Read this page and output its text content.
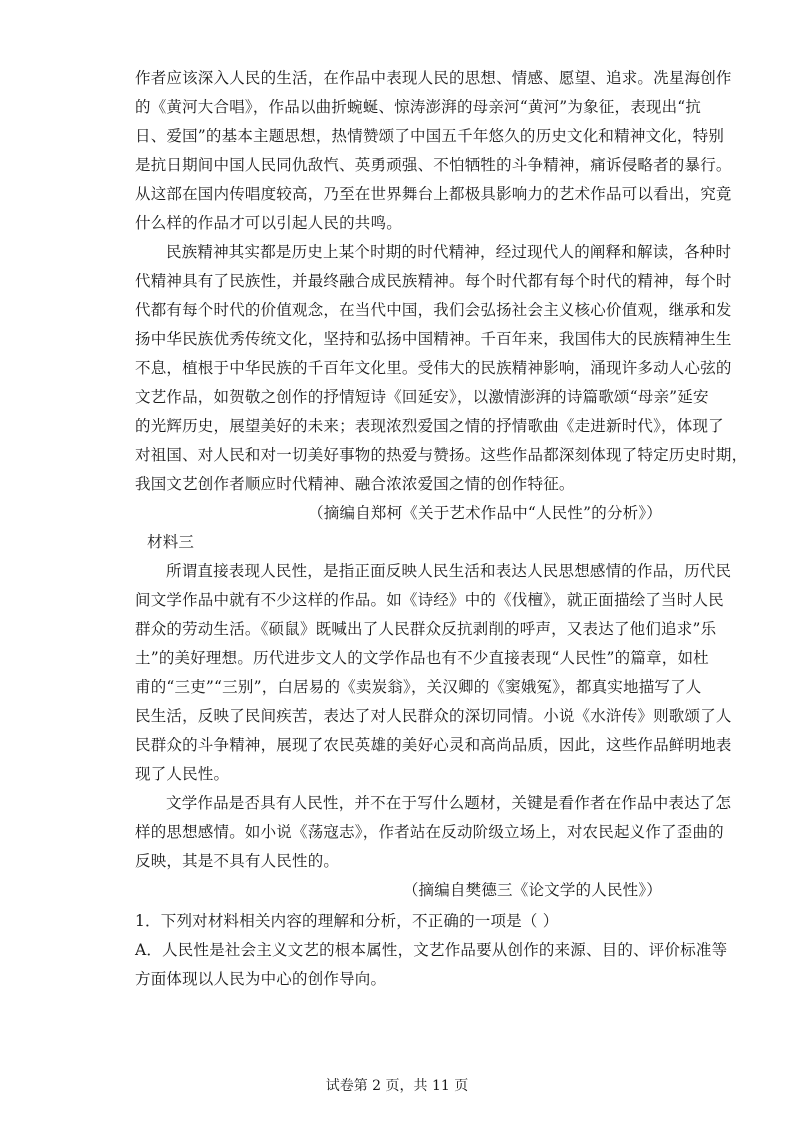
作者应该深入人民的生活，在作品中表现人民的思想、情感、愿望、追求。冼星海创作
的《黄河大合唱》，作品以曲折蜿蜒、惊涛澎湃的母亲河“黄河”为象征，表现出“抗
日、爱国”的基本主题思想，热情赞颂了中国五千年悠久的历史文化和精神文化，特别
是抗日期间中国人民同仇敌忾、英勇顽强、不怕牺牲的斗争精神，痛诉侵略者的暴行。
从这部在国内传唱度较高，乃至在世界舞台上都极具影响力的艺术作品可以看出，究竟
什么样的作品才可以引起人民的共鸣。
民族精神其实都是历史上某个时期的时代精神，经过现代人的阐释和解读，各种时
代精神具有了民族性，并最终融合成民族精神。每个时代都有每个时代的精神，每个时
代都有每个时代的价值观念，在当代中国，我们会弘扬社会主义核心价值观，继承和发
扬中华民族优秀传统文化，坚持和弘扬中国精神。千百年来，我国伟大的民族精神生生
不息，植根于中华民族的千百年文化里。受伟大的民族精神影响，涌现许多动人心弦的
文艺作品，如贺敬之创作的抒情短诗《回延安》，以激情澎湃的诗篇歌颂“母亲”延安
的光辉历史，展望美好的未来；表现浓烈爱国之情的抒情歌曲《走进新时代》，体现了
对祖国、对人民和对一切美好事物的热爱与赞扬。这些作品都深刻体现了特定历史时期，
我国文艺创作者顺应时代精神、融合浓浓爱国之情的创作特征。
（摘编自郑柯《关于艺术作品中“人民性”的分析》）
材料三
所谓直接表现人民性，是指正面反映人民生活和表达人民思想感情的作品，历代民
间文学作品中就有不少这样的作品。如《诗经》中的《伐檀》，就正面描绘了当时人民
群众的劳动生活。《硕鼠》既喊出了人民群众反抗剥削的呼声，又表达了他们追求”乐
土”的美好理想。历代进步文人的文学作品也有不少直接表现“人民性”的篇章，如杜
甫的“三吏”“三别”，白居易的《卖炭翁》，关汉卿的《窦娥冤》，都真实地描写了人
民生活，反映了民间疾苦，表达了对人民群众的深切同情。小说《水浒传》则歌颂了人
民群众的斗争精神，展现了农民英雄的美好心灵和高尚品质，因此，这些作品鲜明地表
现了人民性。
文学作品是否具有人民性，并不在于写什么题材，关键是看作者在作品中表达了怎
样的思想感情。如小说《荡寇志》，作者站在反动阶级立场上，对农民起义作了歪曲的
反映，其是不具有人民性的。
（摘编自樊德三《论文学的人民性》）
1．下列对材料相关内容的理解和分析，不正确的一项是（ ）
A．人民性是社会主义文艺的根本属性，文艺作品要从创作的来源、目的、评价标准等
方面体现以人民为中心的创作导向。
试卷第 2 页，共 11 页
